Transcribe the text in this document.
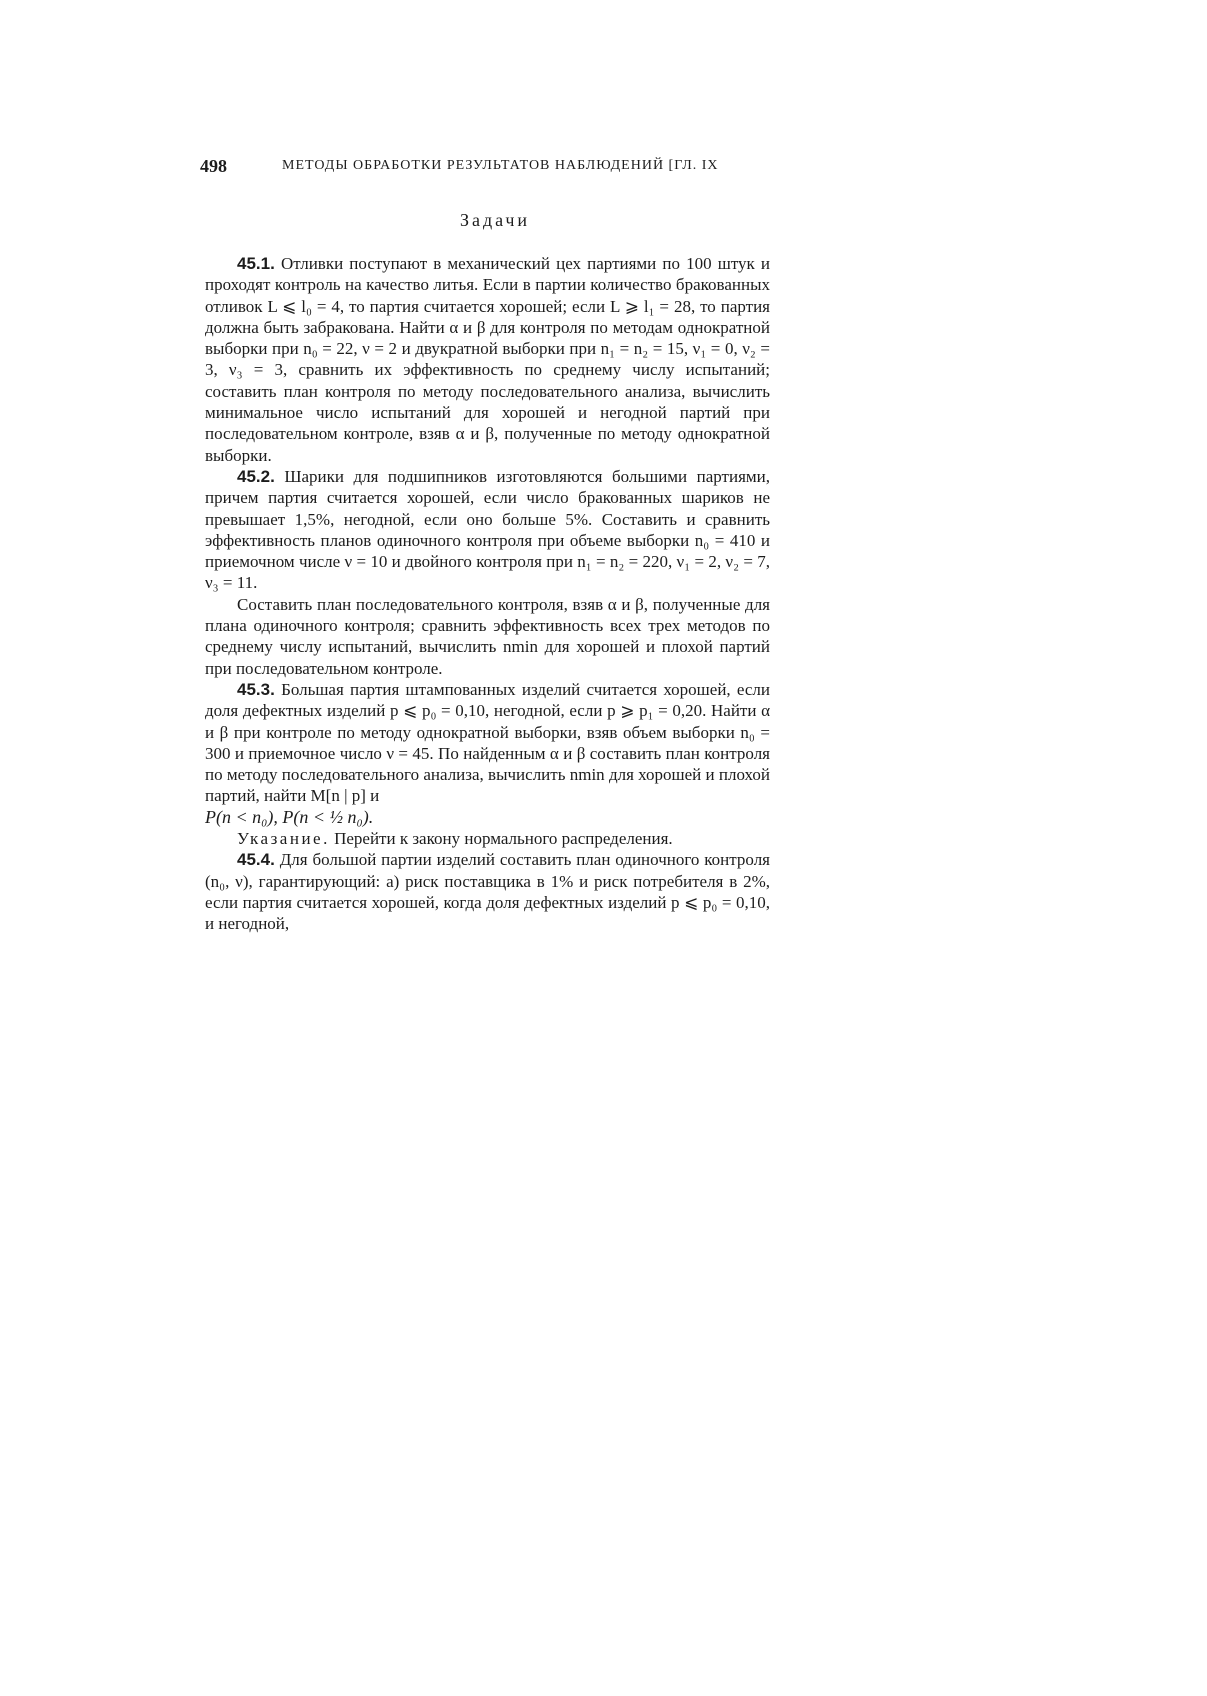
498	МЕТОДЫ ОБРАБОТКИ РЕЗУЛЬТАТОВ НАБЛЮДЕНИЙ [ГЛ. IX
Задачи

45.1. Отливки поступают в механический цех партиями по 100 штук и проходят контроль на качество литья. Если в партии количество бракованных отливок L ⩽ l₀ = 4, то партия считается хорошей; если L ⩾ l₁ = 28, то партия должна быть забракована. Найти α и β для контроля по методам однократной выборки при n₀ = 22, ν = 2 и двукратной выборки при n₁ = n₂ = 15, ν₁ = 0, ν₂ = 3, ν₃ = 3, сравнить их эффективность по среднему числу испытаний; составить план контроля по методу последовательного анализа, вычислить минимальное число испытаний для хорошей и негодной партий при последовательном контроле, взяв α и β, полученные по методу однократной выборки.

45.2. Шарики для подшипников изготовляются большими партиями, причем партия считается хорошей, если число бракованных шариков не превышает 1,5%, негодной, если оно больше 5%. Составить и сравнить эффективность планов одиночного контроля при объеме выборки n₀ = 410 и приемочном числе ν = 10 и двойного контроля при n₁ = n₂ = 220, ν₁ = 2, ν₂ = 7, ν₃ = 11.

Составить план последовательного контроля, взяв α и β, полученные для плана одиночного контроля; сравнить эффективность всех трех методов по среднему числу испытаний, вычислить nmin для хорошей и плохой партий при последовательном контроле.

45.3. Большая партия штампованных изделий считается хорошей, если доля дефектных изделий p ⩽ p₀ = 0,10, негодной, если p ⩾ p₁ = 0,20. Найти α и β при контроле по методу однократной выборки, взяв объем выборки n₀ = 300 и приемочное число ν = 45. По найденным α и β составить план контроля по методу последовательного анализа, вычислить nmin для хорошей и плохой партий, найти M[n | p] и

P(n < n₀), P(n < ½ n₀).

Указание. Перейти к закону нормального распределения.

45.4. Для большой партии изделий составить план одиночного контроля (n₀, ν), гарантирующий: а) риск поставщика в 1% и риск потребителя в 2%, если партия считается хорошей, когда доля дефектных изделий p ⩽ p₀ = 0,10, и негодной,
